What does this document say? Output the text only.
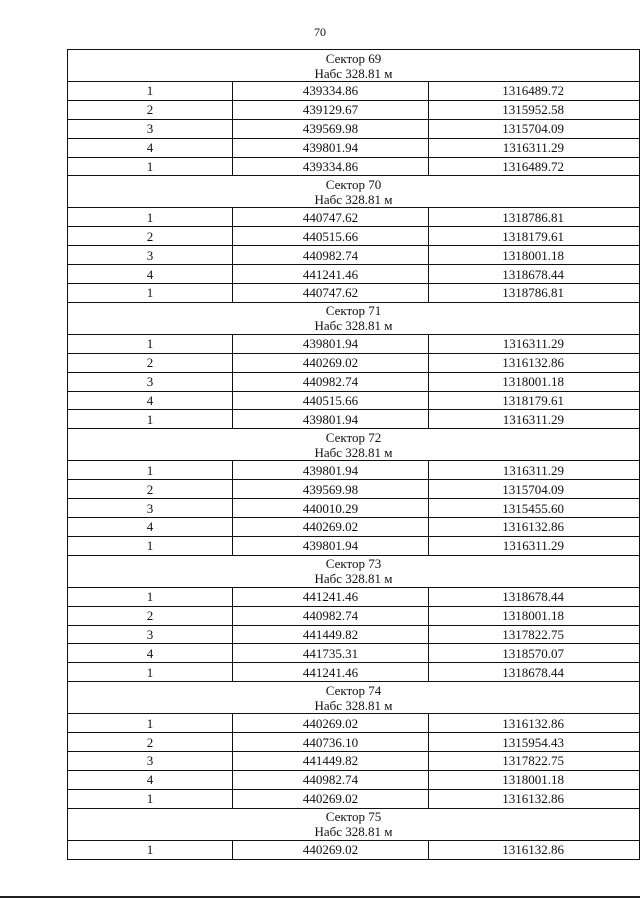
70
Сектор 69
Набс 328.81 м		

1	439334.86	1316489.72
2	439129.67	1315952.58
3	439569.98	1315704.09
4	439801.94	1316311.29
1	439334.86	1316489.72

Сектор 70
Набс 328.81 м		

1	440747.62	1318786.81
2	440515.66	1318179.61
3	440982.74	1318001.18
4	441241.46	1318678.44
1	440747.62	1318786.81

Сектор 71
Набс 328.81 м		

1	439801.94	1316311.29
2	440269.02	1316132.86
3	440982.74	1318001.18
4	440515.66	1318179.61
1	439801.94	1316311.29

Сектор 72
Набс 328.81 м		

1	439801.94	1316311.29
2	439569.98	1315704.09
3	440010.29	1315455.60
4	440269.02	1316132.86
1	439801.94	1316311.29

Сектор 73
Набс 328.81 м		

1	441241.46	1318678.44
2	440982.74	1318001.18
3	441449.82	1317822.75
4	441735.31	1318570.07
1	441241.46	1318678.44

Сектор 74
Набс 328.81 м		

1	440269.02	1316132.86
2	440736.10	1315954.43
3	441449.82	1317822.75
4	440982.74	1318001.18
1	440269.02	1316132.86

Сектор 75
Набс 328.81 м		

1	440269.02	1316132.86
